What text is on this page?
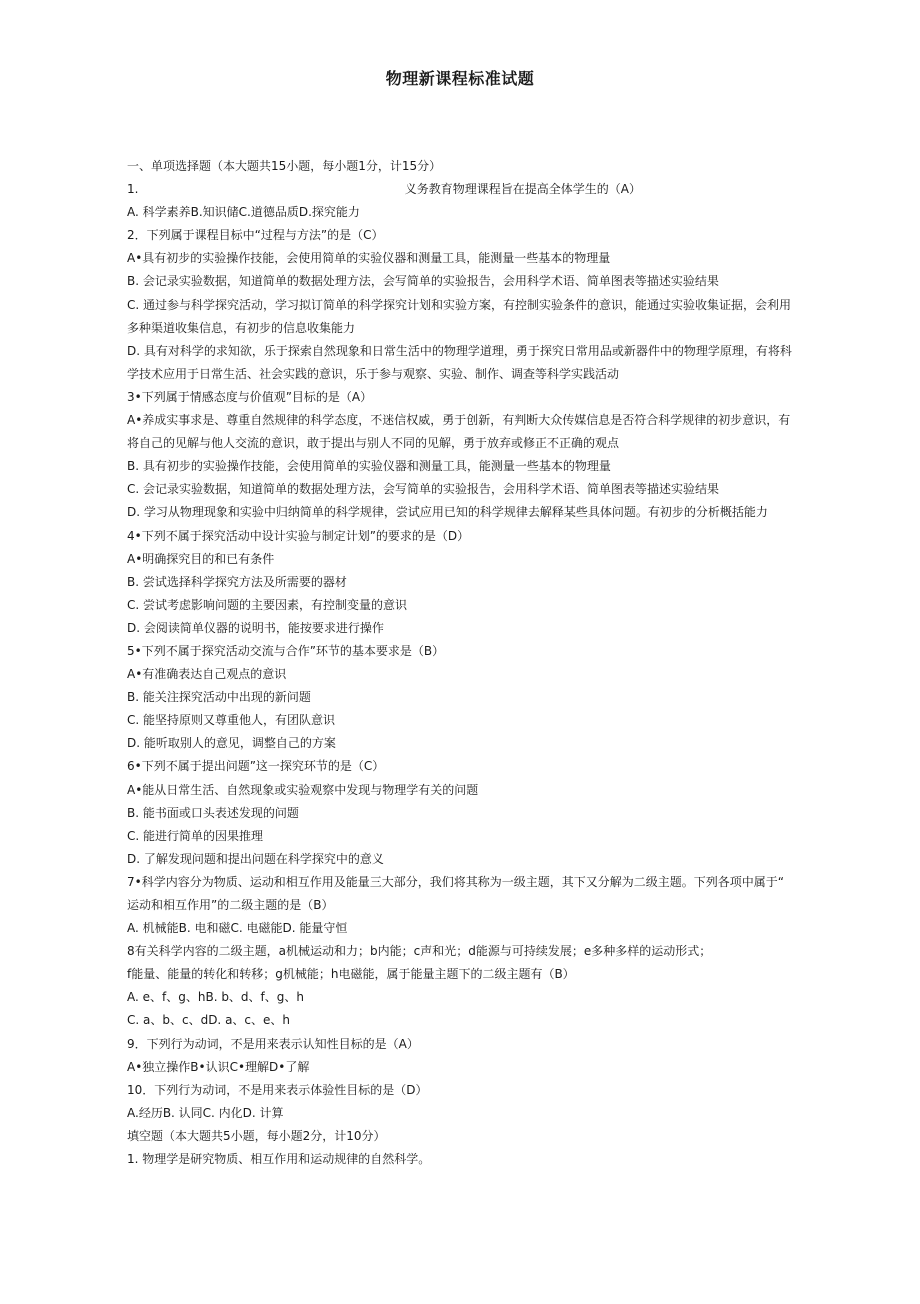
物理新课程标准试题
一、单项选择题（本大题共15小题，每小题1分，计15分）
1.	义务教育物理课程旨在提高全体学生的（A）
A. 科学素养B.知识储C.道德品质D.探究能力
2．下列属于课程目标中“过程与方法”的是（C）
A•具有初步的实验操作技能，会使用简单的实验仪器和测量工具，能测量一些基本的物理量
B. 会记录实验数据，知道简单的数据处理方法，会写简单的实验报告，会用科学术语、简单图表等描述实验结果
C. 通过参与科学探究活动，学习拟订简单的科学探究计划和实验方案，有控制实验条件的意识，能通过实验收集证据，会利用
多种渠道收集信息，有初步的信息收集能力
D. 具有对科学的求知欲，乐于探索自然现象和日常生活中的物理学道理，勇于探究日常用品或新器件中的物理学原理，有将科
学技术应用于日常生活、社会实践的意识，乐于参与观察、实验、制作、调查等科学实践活动
3•下列属于情感态度与价值观”目标的是（A）
A•养成实事求是、尊重自然规律的科学态度，不迷信权威，勇于创新，有判断大众传媒信息是否符合科学规律的初步意识，有
将自己的见解与他人交流的意识，敢于提出与别人不同的见解，勇于放弃或修正不正确的观点
B. 具有初步的实验操作技能，会使用简单的实验仪器和测量工具，能测量一些基本的物理量
C. 会记录实验数据，知道简单的数据处理方法，会写简单的实验报告，会用科学术语、简单图表等描述实验结果
D. 学习从物理现象和实验中归纳简单的科学规律，尝试应用已知的科学规律去解释某些具体问题。有初步的分析概括能力
4•下列不属于探究活动中设计实验与制定计划”的要求的是（D）
A•明确探究目的和已有条件
B. 尝试选择科学探究方法及所需要的器材
C. 尝试考虑影响问题的主要因素，有控制变量的意识
D. 会阅读简单仪器的说明书，能按要求进行操作
5•下列不属于探究活动交流与合作”环节的基本要求是（B）
A•有准确表达自己观点的意识
B. 能关注探究活动中出现的新问题
C. 能坚持原则又尊重他人，有团队意识
D. 能听取别人的意见，调整自己的方案
6•下列不属于提出问题”这一探究环节的是（C）
A•能从日常生活、自然现象或实验观察中发现与物理学有关的问题
B. 能书面或口头表述发现的问题
C. 能进行简单的因果推理
D. 了解发现问题和提出问题在科学探究中的意义
7•科学内容分为物质、运动和相互作用及能量三大部分，我们将其称为一级主题，其下又分解为二级主题。下列各项中属于“
运动和相互作用”的二级主题的是（B）
A. 机械能B. 电和磁C. 电磁能D. 能量守恒
8有关科学内容的二级主题，a机械运动和力；b内能；c声和光；d能源与可持续发展；e多种多样的运动形式；
f能量、能量的转化和转移；g机械能；h电磁能，属于能量主题下的二级主题有（B）
A. e、f、g、hB. b、d、f、g、h
C. a、b、c、dD. a、c、e、h
9．下列行为动词，不是用来表示认知性目标的是（A）
A•独立操作B•认识C•理解D•了解
10．下列行为动词，不是用来表示体验性目标的是（D）
A.经历B. 认同C. 内化D. 计算
填空题（本大题共5小题，每小题2分，计10分）
1. 物理学是研究物质、相互作用和运动规律的自然科学。
